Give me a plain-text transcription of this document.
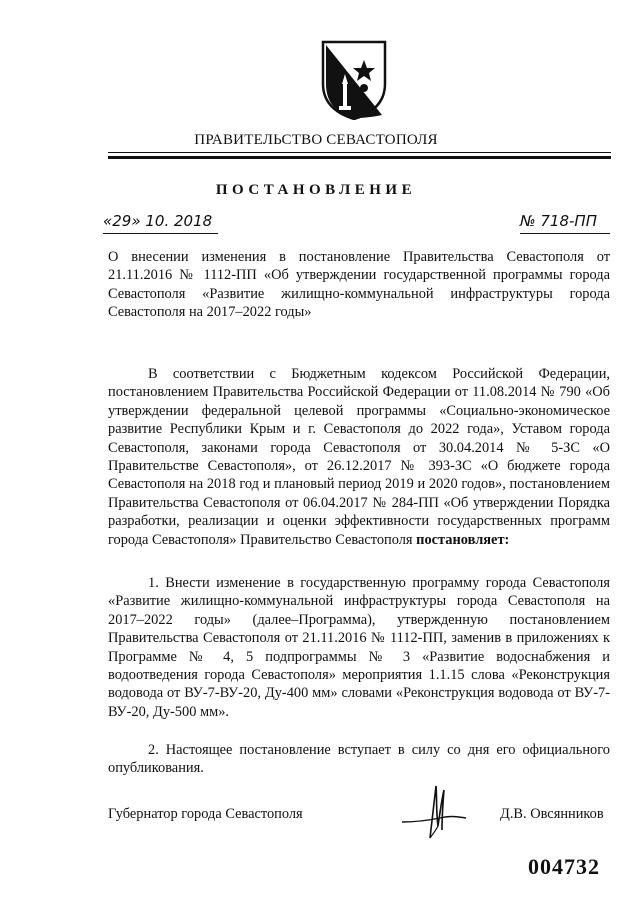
ПРАВИТЕЛЬСТВО СЕВАСТОПОЛЯ
ПОСТАНОВЛЕНИЕ
«29» 10. 2018	№ 718-ПП

О внесении изменения в постановление Правительства Севастополя от 21.11.2016 № 1112-ПП «Об утверждении государственной программы города Севастополя «Развитие жилищно-коммунальной инфраструктуры города Севастополя на 2017–2022 годы»

В соответствии с Бюджетным кодексом Российской Федерации, постановлением Правительства Российской Федерации от 11.08.2014 № 790 «Об утверждении федеральной целевой программы «Социально-экономическое развитие Республики Крым и г. Севастополя до 2022 года», Уставом города Севастополя, законами города Севастополя от 30.04.2014 № 5-ЗС «О Правительстве Севастополя», от 26.12.2017 № 393-ЗС «О бюджете города Севастополя на 2018 год и плановый период 2019 и 2020 годов», постановлением Правительства Севастополя от 06.04.2017 № 284-ПП «Об утверждении Порядка разработки, реализации и оценки эффективности государственных программ города Севастополя» Правительство Севастополя постановляет:

1. Внести изменение в государственную программу города Севастополя «Развитие жилищно-коммунальной инфраструктуры города Севастополя на 2017–2022 годы» (далее–Программа), утвержденную постановлением Правительства Севастополя от 21.11.2016 № 1112-ПП, заменив в приложениях к Программе № 4, 5 подпрограммы № 3 «Развитие водоснабжения и водоотведения города Севастополя» мероприятия 1.1.15 слова «Реконструкция водовода от ВУ-7-ВУ-20, Ду-400 мм» словами «Реконструкция водовода от ВУ-7-ВУ-20, Ду-500 мм».

2. Настоящее постановление вступает в силу со дня его официального опубликования.

Губернатор города Севастополя	Д.В. Овсянников
004732
